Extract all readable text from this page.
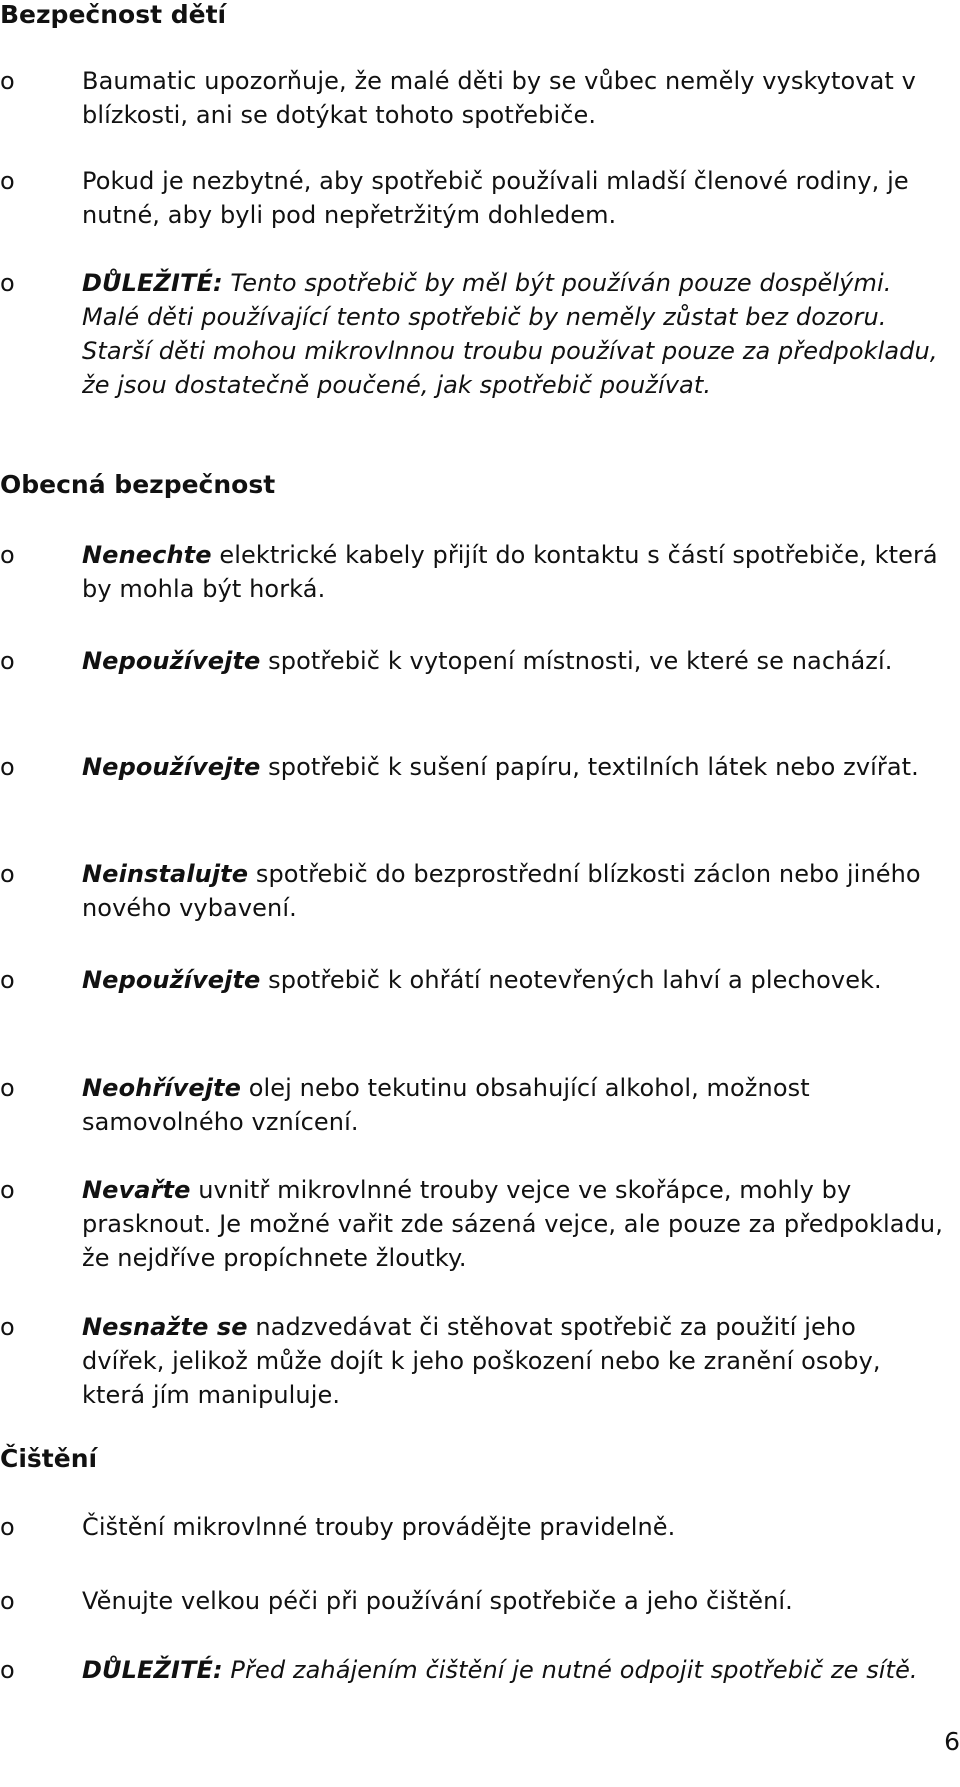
Bezpečnost dětí
o	Baumatic upozorňuje, že malé děti by se vůbec neměly vyskytovat v blízkosti, ani se dotýkat tohoto spotřebiče.
o	Pokud je nezbytné, aby spotřebič používali mladší členové rodiny, je nutné, aby byli pod nepřetržitým dohledem.
o	DŮLEŽITÉ: Tento spotřebič by měl být používán pouze dospělými. Malé děti používající tento spotřebič by neměly zůstat bez dozoru. Starší děti mohou mikrovlnnou troubu používat pouze za předpokladu, že jsou dostatečně poučené, jak spotřebič používat.
Obecná bezpečnost
o	Nenechte elektrické kabely přijít do kontaktu s částí spotřebiče, která by mohla být horká.
o	Nepoužívejte spotřebič k vytopení místnosti, ve které se nachází.
o	Nepoužívejte spotřebič k sušení papíru, textilních látek nebo zvířat.
o	Neinstalujte spotřebič do bezprostřední blízkosti záclon nebo jiného nového vybavení.
o	Nepoužívejte spotřebič k ohřátí neotevřených lahví a plechovek.
o	Neohřívejte olej nebo tekutinu obsahující alkohol, možnost samovolného vznícení.
o	Nevařte uvnitř mikrovlnné trouby vejce ve skořápce, mohly by prasknout. Je možné vařit zde sázená vejce, ale pouze za předpokladu, že nejdříve propíchnete žloutky.
o	Nesnažte se nadzvedávat či stěhovat spotřebič za použití jeho dvířek, jelikož může dojít k jeho poškození nebo ke zranění osoby, která jím manipuluje.
Čištění
o	Čištění mikrovlnné trouby provádějte pravidelně.
o	Věnujte velkou péči při používání spotřebiče a jeho čištění.
o	DŮLEŽITÉ: Před zahájením čištění je nutné odpojit spotřebič ze sítě.
6
